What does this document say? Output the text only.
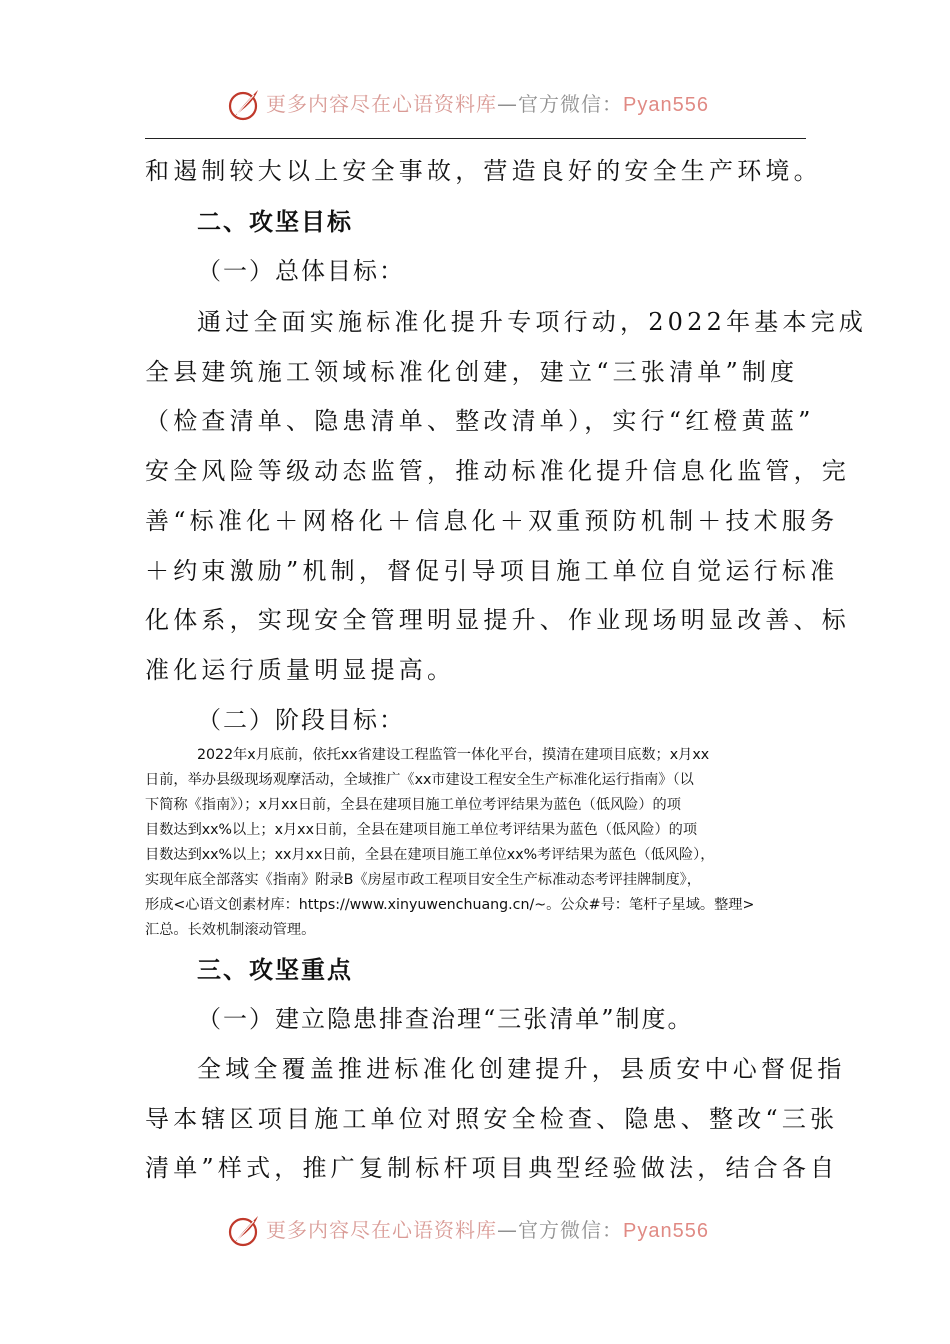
更多内容尽在心语资料库—官方微信：Pyan556
和遏制较大以上安全事故，营造良好的安全生产环境。
二、攻坚目标
（一）总体目标：
通过全面实施标准化提升专项行动，2022年基本完成
全县建筑施工领域标准化创建，建立“三张清单”制度
（检查清单、隐患清单、整改清单），实行“红橙黄蓝”
安全风险等级动态监管，推动标准化提升信息化监管，完
善“标准化＋网格化＋信息化＋双重预防机制＋技术服务
＋约束激励”机制，督促引导项目施工单位自觉运行标准
化体系，实现安全管理明显提升、作业现场明显改善、标
准化运行质量明显提高。
（二）阶段目标：
2022年x月底前，依托xx省建设工程监管一体化平台，摸清在建项目底数；x月xx
日前，举办县级现场观摩活动，全域推广《xx市建设工程安全生产标准化运行指南》（以
下简称《指南》）；x月xx日前，全县在建项目施工单位考评结果为蓝色（低风险）的项
目数达到xx%以上；x月xx日前，全县在建项目施工单位考评结果为蓝色（低风险）的项
目数达到xx%以上；xx月xx日前，全县在建项目施工单位xx%考评结果为蓝色（低风险），
实现年底全部落实《指南》附录B《房屋市政工程项目安全生产标准动态考评挂牌制度》，
形成<心语文创素材库：https://www.xinyuwenchuang.cn/~。公众#号：笔杆子星域。整理>
汇总。长效机制滚动管理。
三、攻坚重点
（一）建立隐患排查治理“三张清单”制度。
全域全覆盖推进标准化创建提升，县质安中心督促指
导本辖区项目施工单位对照安全检查、隐患、整改“三张
清单”样式，推广复制标杆项目典型经验做法，结合各自
更多内容尽在心语资料库—官方微信：Pyan556
